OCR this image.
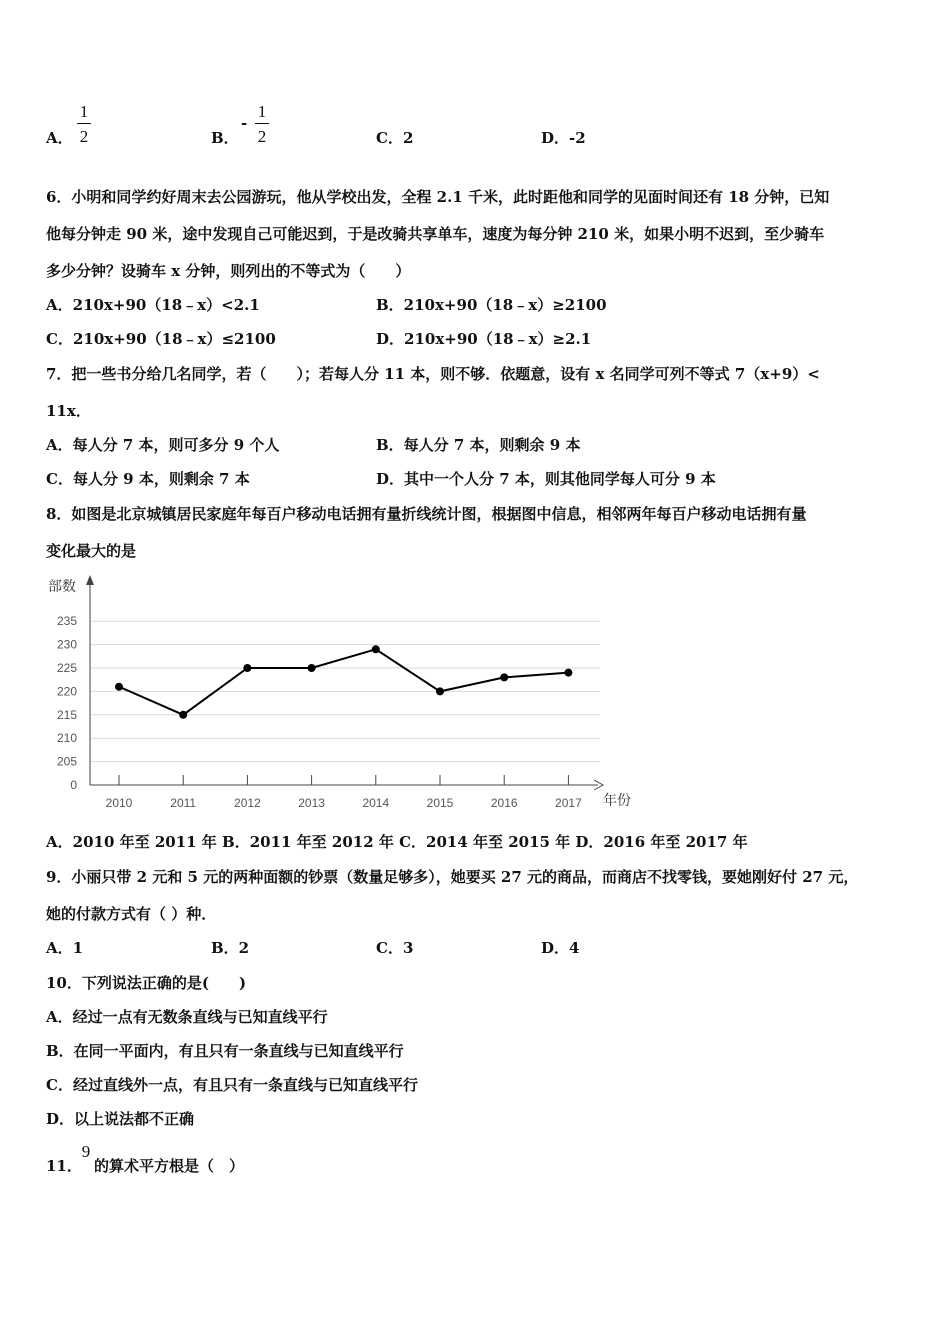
A．
1
2	B．
-
1
2	C．2	D．-2
6．小明和同学约好周末去公园游玩，他从学校出发，全程 2.1 千米，此时距他和同学的见面时间还有 18 分钟，已知
他每分钟走 90 米，途中发现自己可能迟到，于是改骑共享单车，速度为每分钟 210 米，如果小明不迟到，至少骑车
多少分钟？设骑车 x 分钟，则列出的不等式为（　　）
A．210x+90（18﹣x）<2.1	B．210x+90（18﹣x）≥2100
C．210x+90（18﹣x）≤2100	D．210x+90（18﹣x）≥2.1
7．把一些书分给几名同学，若（　　）；若每人分 11 本，则不够．依题意，设有 x 名同学可列不等式 7（x+9）<
11x．
A．每人分 7 本，则可多分 9 个人	B．每人分 7 本，则剩余 9 本
C．每人分 9 本，则剩余 7 本	D．其中一个人分 7 本，则其他同学每人可分 9 本
8．如图是北京城镇居民家庭年每百户移动电话拥有量折线统计图，根据图中信息，相邻两年每百户移动电话拥有量
变化最大的是
0
205
210
215
220
225
230
235
部数
年份
2010	2011	2012	2013	2014	2015	2016	2017
A．2010 年至 2011 年 B．2011 年至 2012 年 C．2014 年至 2015 年 D．2016 年至 2017 年
9．小丽只带 2 元和 5 元的两种面额的钞票（数量足够多），她要买 27 元的商品，而商店不找零钱，要她刚好付 27 元，
她的付款方式有（ ）种．
A．1	B．2	C．3	D．4
10．下列说法正确的是(　　)
A．经过一点有无数条直线与已知直线平行
B．在同一平面内，有且只有一条直线与已知直线平行
C．经过直线外一点，有且只有一条直线与已知直线平行
D．以上说法都不正确
11．
9
的算术平方根是（　）
